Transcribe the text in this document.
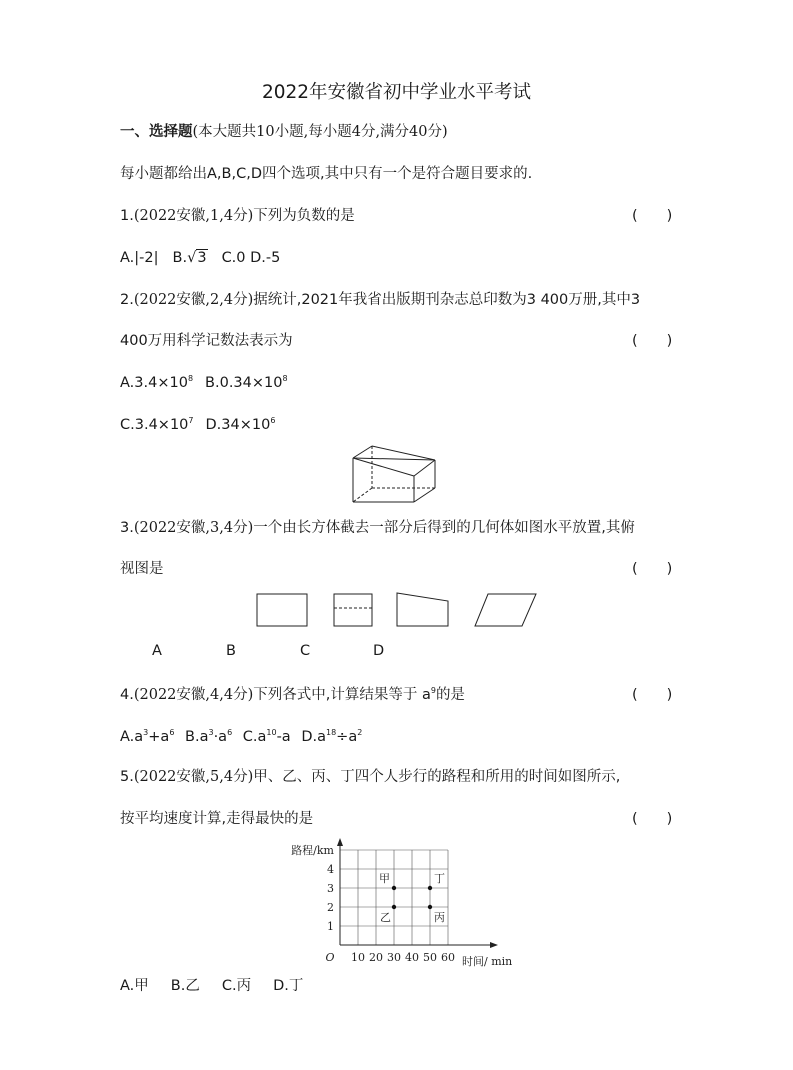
2022年安徽省初中学业水平考试
一、选择题(本大题共10小题,每小题4分,满分40分)
每小题都给出A,B,C,D四个选项,其中只有一个是符合题目要求的.
1.(2022安徽,1,4分)下列为负数的是	(　　)
A.|-2| B.√3 C.0 D.-5
2.(2022安徽,2,4分)据统计,2021年我省出版期刊杂志总印数为3 400万册,其中3
400万用科学记数法表示为	(　　)
$A.3.4\times 10^8$ $B.0.34\times 10^8$
$C.3.4\times 10^7$ $D.34\times 10^6$
3.(2022安徽,3,4分)一个由长方体截去一部分后得到的几何体如图水平放置,其俯
视图是	(　　)
A	B	C	D
4.(2022安徽,4,4分)下列各式中,计算结果等于 $a^9$的是	(　　)
$A.a^3+a^6$ $B.a^3\cdot a^6$ $C.a^{10}-a$ $D.a^{18}\div a^2$
5.(2022安徽,5,4分)甲、乙、丙、丁四个人步行的路程和所用的时间如图所示,
按平均速度计算,走得最快的是	(　　)
10 20 30 40 50 60
1
2
3
4
O	时间/ min
路程/km
甲
乙	丙
丁
A.甲 B.乙 C.丙 D.丁
